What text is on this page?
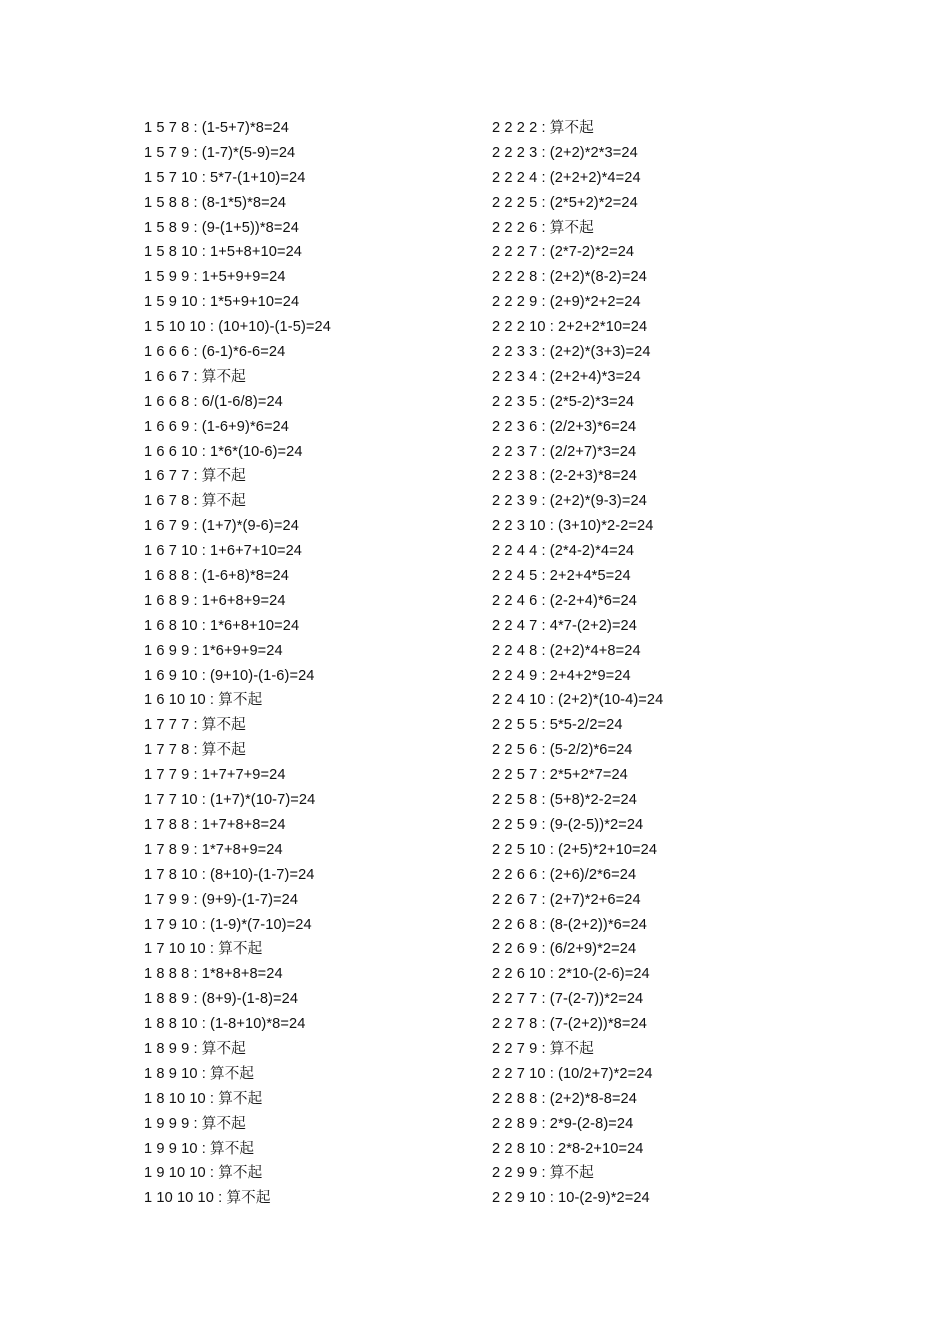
1 5 7 8 : (1-5+7)*8=24
1 5 7 9 : (1-7)*(5-9)=24
1 5 7 10 : 5*7-(1+10)=24
1 5 8 8 : (8-1*5)*8=24
1 5 8 9 : (9-(1+5))*8=24
1 5 8 10 : 1+5+8+10=24
1 5 9 9 : 1+5+9+9=24
1 5 9 10 : 1*5+9+10=24
1 5 10 10 : (10+10)-(1-5)=24
1 6 6 6 : (6-1)*6-6=24
1 6 6 7 : 算不起
1 6 6 8 : 6/(1-6/8)=24
1 6 6 9 : (1-6+9)*6=24
1 6 6 10 : 1*6*(10-6)=24
1 6 7 7 : 算不起
1 6 7 8 : 算不起
1 6 7 9 : (1+7)*(9-6)=24
1 6 7 10 : 1+6+7+10=24
1 6 8 8 : (1-6+8)*8=24
1 6 8 9 : 1+6+8+9=24
1 6 8 10 : 1*6+8+10=24
1 6 9 9 : 1*6+9+9=24
1 6 9 10 : (9+10)-(1-6)=24
1 6 10 10 : 算不起
1 7 7 7 : 算不起
1 7 7 8 : 算不起
1 7 7 9 : 1+7+7+9=24
1 7 7 10 : (1+7)*(10-7)=24
1 7 8 8 : 1+7+8+8=24
1 7 8 9 : 1*7+8+9=24
1 7 8 10 : (8+10)-(1-7)=24
1 7 9 9 : (9+9)-(1-7)=24
1 7 9 10 : (1-9)*(7-10)=24
1 7 10 10 : 算不起
1 8 8 8 : 1*8+8+8=24
1 8 8 9 : (8+9)-(1-8)=24
1 8 8 10 : (1-8+10)*8=24
1 8 9 9 : 算不起
1 8 9 10 : 算不起
1 8 10 10 : 算不起
1 9 9 9 : 算不起
1 9 9 10 : 算不起
1 9 10 10 : 算不起
1 10 10 10 : 算不起
2 2 2 2 : 算不起
2 2 2 3 : (2+2)*2*3=24
2 2 2 4 : (2+2+2)*4=24
2 2 2 5 : (2*5+2)*2=24
2 2 2 6 : 算不起
2 2 2 7 : (2*7-2)*2=24
2 2 2 8 : (2+2)*(8-2)=24
2 2 2 9 : (2+9)*2+2=24
2 2 2 10 : 2+2+2*10=24
2 2 3 3 : (2+2)*(3+3)=24
2 2 3 4 : (2+2+4)*3=24
2 2 3 5 : (2*5-2)*3=24
2 2 3 6 : (2/2+3)*6=24
2 2 3 7 : (2/2+7)*3=24
2 2 3 8 : (2-2+3)*8=24
2 2 3 9 : (2+2)*(9-3)=24
2 2 3 10 : (3+10)*2-2=24
2 2 4 4 : (2*4-2)*4=24
2 2 4 5 : 2+2+4*5=24
2 2 4 6 : (2-2+4)*6=24
2 2 4 7 : 4*7-(2+2)=24
2 2 4 8 : (2+2)*4+8=24
2 2 4 9 : 2+4+2*9=24
2 2 4 10 : (2+2)*(10-4)=24
2 2 5 5 : 5*5-2/2=24
2 2 5 6 : (5-2/2)*6=24
2 2 5 7 : 2*5+2*7=24
2 2 5 8 : (5+8)*2-2=24
2 2 5 9 : (9-(2-5))*2=24
2 2 5 10 : (2+5)*2+10=24
2 2 6 6 : (2+6)/2*6=24
2 2 6 7 : (2+7)*2+6=24
2 2 6 8 : (8-(2+2))*6=24
2 2 6 9 : (6/2+9)*2=24
2 2 6 10 : 2*10-(2-6)=24
2 2 7 7 : (7-(2-7))*2=24
2 2 7 8 : (7-(2+2))*8=24
2 2 7 9 : 算不起
2 2 7 10 : (10/2+7)*2=24
2 2 8 8 : (2+2)*8-8=24
2 2 8 9 : 2*9-(2-8)=24
2 2 8 10 : 2*8-2+10=24
2 2 9 9 : 算不起
2 2 9 10 : 10-(2-9)*2=24
